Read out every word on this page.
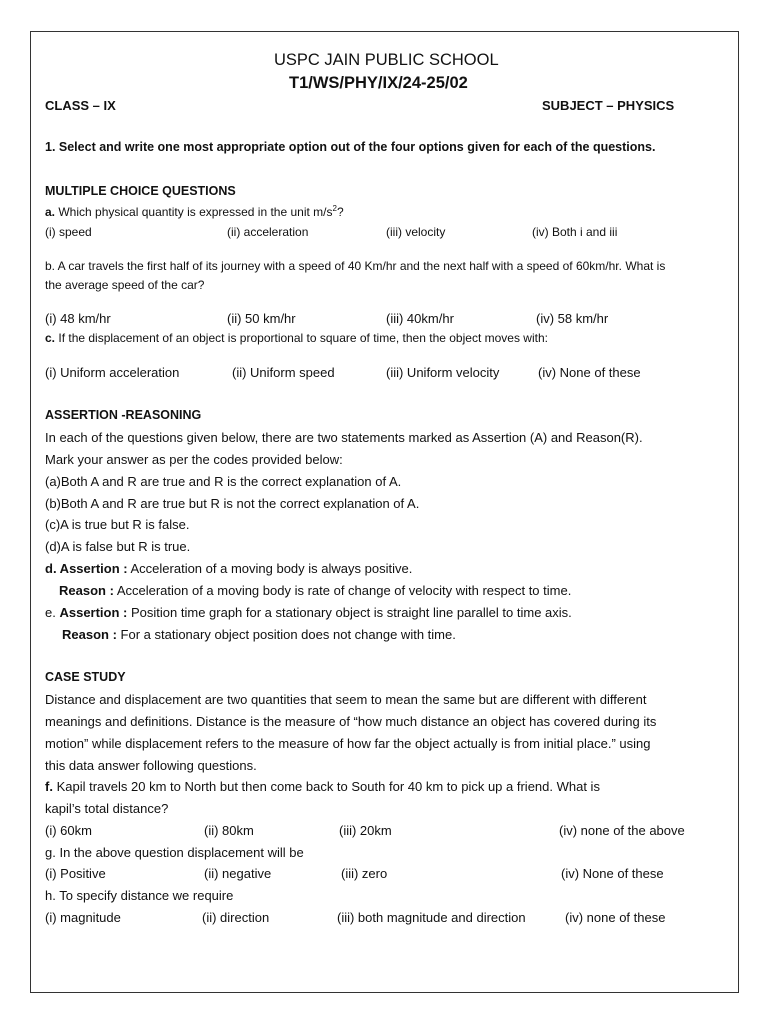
USPC JAIN PUBLIC SCHOOL
T1/WS/PHY/IX/24-25/02
CLASS – IX	SUBJECT – PHYSICS
1. Select and write one most appropriate option out of the four options given for each of the questions.
MULTIPLE CHOICE QUESTIONS
a. Which physical quantity is expressed in the unit $m/s^2$?
(i) speed	(ii) acceleration	(iii) velocity	(iv) Both i and iii
b. A car travels the first half of its journey with a speed of 40 Km/hr and the next half with a speed of 60km/hr. What is
the average speed of the car?
(i) 48 km/hr	(ii) 50 km/hr	(iii) 40km/hr	(iv) 58 km/hr
c. If the displacement of an object is proportional to square of time, then the object moves with:
(i) Uniform acceleration	(ii) Uniform speed	(iii) Uniform velocity	(iv) None of these
ASSERTION -REASONING
In each of the questions given below, there are two statements marked as Assertion (A) and Reason(R).
Mark your answer as per the codes provided below:
(a)Both A and R are true and R is the correct explanation of A.
(b)Both A and R are true but R is not the correct explanation of A.
(c)A is true but R is false.
(d)A is false but R is true.
d. Assertion : Acceleration of a moving body is always positive.
Reason : Acceleration of a moving body is rate of change of velocity with respect to time.
e. Assertion : Position time graph for a stationary object is straight line parallel to time axis.
Reason : For a stationary object position does not change with time.
CASE STUDY
Distance and displacement are two quantities that seem to mean the same but are different with different
meanings and definitions. Distance is the measure of “how much distance an object has covered during its
motion” while displacement refers to the measure of how far the object actually is from initial place.” using
this data answer following questions.
f. Kapil travels 20 km to North but then come back to South for 40 km to pick up a friend. What is
kapil’s total distance?
(i) 60km	(ii) 80km	(iii) 20km	(iv) none of the above
g. In the above question displacement will be
(i) Positive	(ii) negative	(iii) zero	(iv) None of these
h. To specify distance we require
(i) magnitude	(ii) direction	(iii) both magnitude and direction	(iv) none of these
